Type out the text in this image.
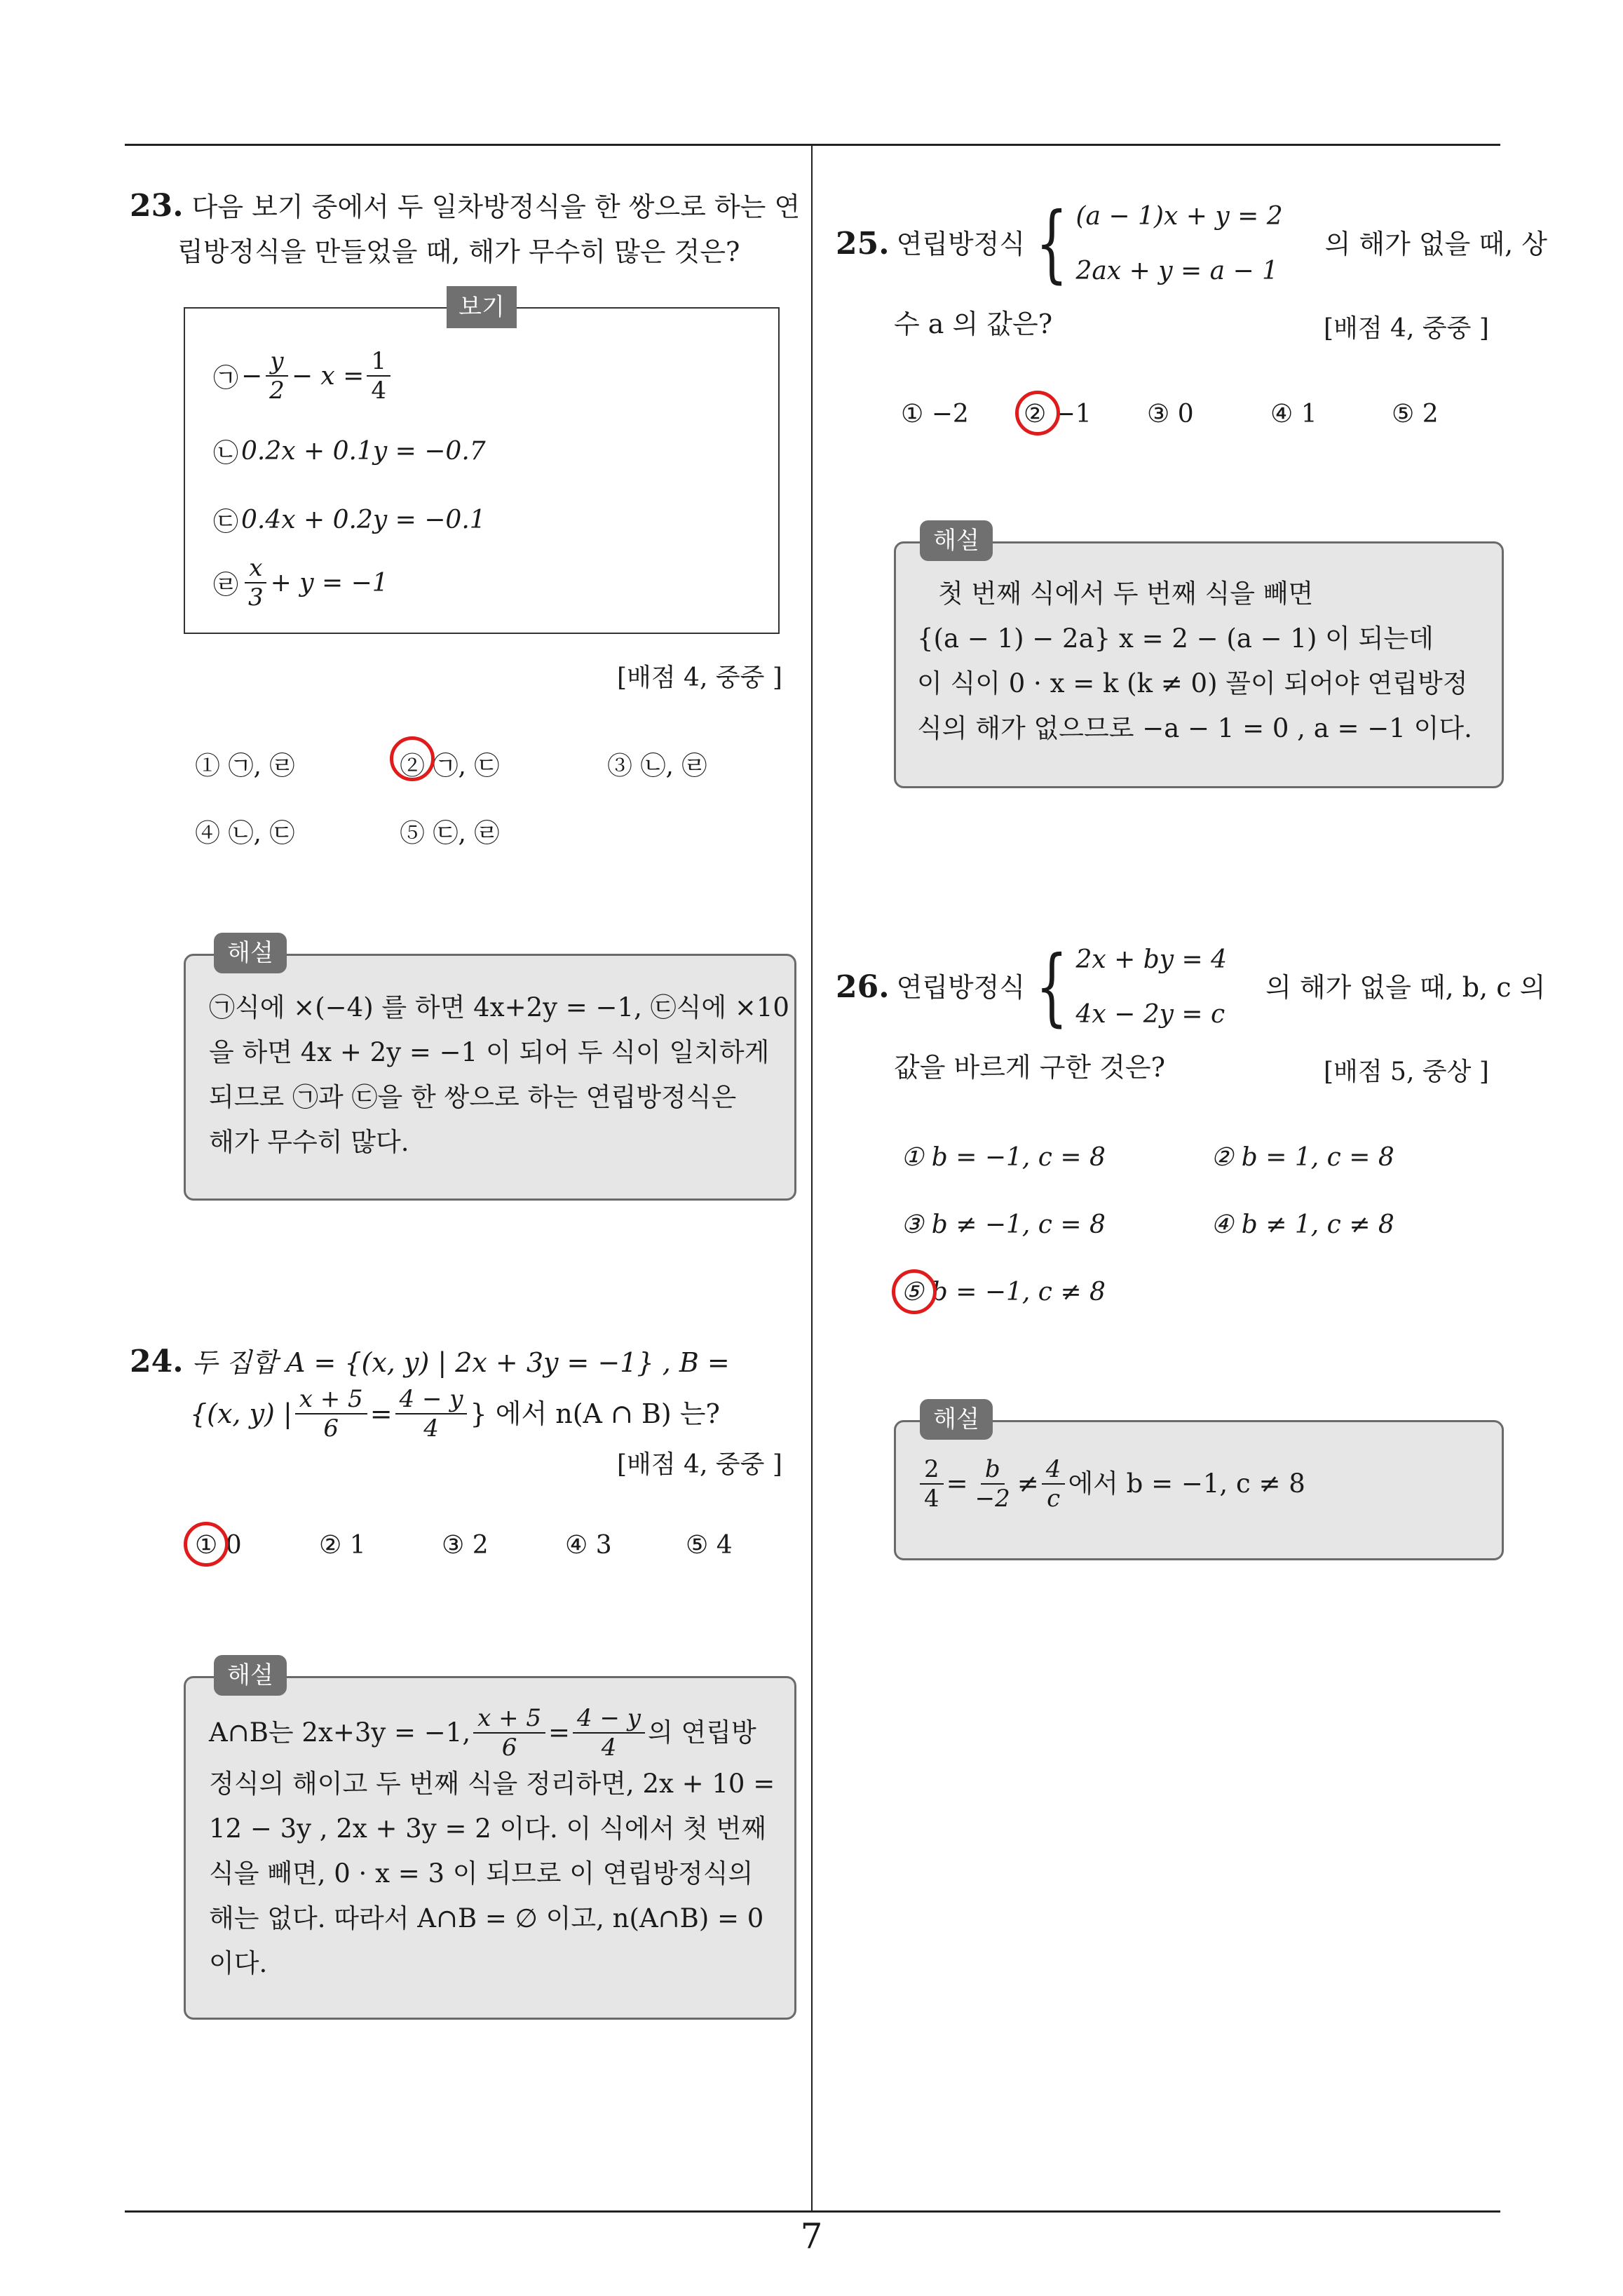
23. 다음 보기 중에서 두 일차방정식을 한 쌍으로 하는 연
립방정식을 만들었을 때, 해가 무수히 많은 것은?
㉠ − $\frac{y}{2} - x = \frac{1}{4}$
㉡ 0.2x + 0.1y = −0.7
㉢ 0.4x + 0.2y = −0.1
㉣ $\frac{x}{3} + y = -1$
보기
[배점 4, 중중 ]
① ㉠, ㉣	② ㉠, ㉢	③ ㉡, ㉣
④ ㉡, ㉢	⑤ ㉢, ㉣
해설
㉠식에 ×(−4) 를 하면 4x+2y = −1, ㉢식에 ×10
을 하면 4x + 2y = −1 이 되어 두 식이 일치하게
되므로 ㉠과 ㉢을 한 쌍으로 하는 연립방정식은
해가 무수히 많다.
24. 두 집합 A = {(x, y) | 2x + 3y = −1} , B =
{(x, y) | $\frac{x + 5}{6} = \frac{4 - y}{4}$ } 에서 n(A ∩ B) 는?
[배점 4, 중중 ]
① 0	② 1	③ 2	④ 3	⑤ 4
해설
A∩B는 2x+3y = −1, $\frac{x + 5}{6} = \frac{4 - y}{4}$ 의 연립방
정식의 해이고 두 번째 식을 정리하면, 2x + 10 =
12 − 3y , 2x + 3y = 2 이다. 이 식에서 첫 번째
식을 빼면, 0 · x = 3 이 되므로 이 연립방정식의
해는 없다. 따라서 A∩B = ∅ 이고, n(A∩B) = 0
이다.
25. 연립방정식 { (a − 1)x + y = 2
2ax + y = a − 1
의 해가 없을 때, 상
수 a 의 값은?	[배점 4, 중중 ]
① −2 ② −1 ③ 0	④ 1	⑤ 2
해설
첫 번째 식에서 두 번째 식을 빼면
{(a − 1) − 2a} x = 2 − (a − 1) 이 되는데
이 식이 0 · x = k (k ≠ 0) 꼴이 되어야 연립방정
식의 해가 없으므로 −a − 1 = 0 , a = −1 이다.
26. 연립방정식 { 2x + by = 4
4x − 2y = c
의 해가 없을 때, b, c 의
값을 바르게 구한 것은?	[배점 5, 중상 ]
① b = −1, c = 8	② b = 1, c = 8
③ b ≠ −1, c = 8	④ b ≠ 1, c ≠ 8
⑤ b = −1, c ≠ 8
해설
$\frac{2}{4} = \frac{b}{-2} \ne \frac{4}{c}$ 에서 b = −1, c ≠ 8
7
